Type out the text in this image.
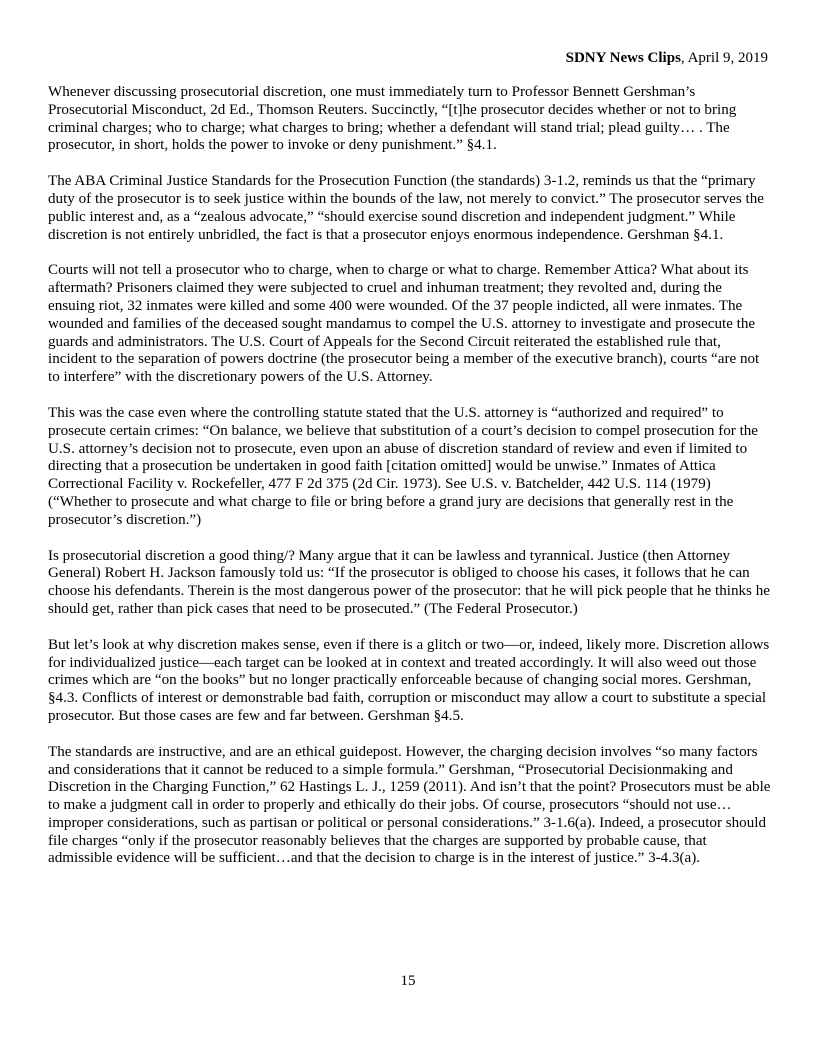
SDNY News Clips, April 9, 2019

Whenever discussing prosecutorial discretion, one must immediately turn to Professor Bennett Gershman’s Prosecutorial Misconduct, 2d Ed., Thomson Reuters. Succinctly, “[t]he prosecutor decides whether or not to bring criminal charges; who to charge; what charges to bring; whether a defendant will stand trial; plead guilty… . The prosecutor, in short, holds the power to invoke or deny punishment.” §4.1.

The ABA Criminal Justice Standards for the Prosecution Function (the standards) 3-1.2, reminds us that the “primary duty of the prosecutor is to seek justice within the bounds of the law, not merely to convict.” The prosecutor serves the public interest and, as a “zealous advocate,” “should exercise sound discretion and independent judgment.” While discretion is not entirely unbridled, the fact is that a prosecutor enjoys enormous independence. Gershman §4.1.

Courts will not tell a prosecutor who to charge, when to charge or what to charge. Remember Attica? What about its aftermath? Prisoners claimed they were subjected to cruel and inhuman treatment; they revolted and, during the ensuing riot, 32 inmates were killed and some 400 were wounded. Of the 37 people indicted, all were inmates. The wounded and families of the deceased sought mandamus to compel the U.S. attorney to investigate and prosecute the guards and administrators. The U.S. Court of Appeals for the Second Circuit reiterated the established rule that, incident to the separation of powers doctrine (the prosecutor being a member of the executive branch), courts “are not to interfere” with the discretionary powers of the U.S. Attorney.

This was the case even where the controlling statute stated that the U.S. attorney is “authorized and required” to prosecute certain crimes: “On balance, we believe that substitution of a court’s decision to compel prosecution for the U.S. attorney’s decision not to prosecute, even upon an abuse of discretion standard of review and even if limited to directing that a prosecution be undertaken in good faith [citation omitted] would be unwise.” Inmates of Attica Correctional Facility v. Rockefeller, 477 F 2d 375 (2d Cir. 1973). See U.S. v. Batchelder, 442 U.S. 114 (1979) (“Whether to prosecute and what charge to file or bring before a grand jury are decisions that generally rest in the prosecutor’s discretion.”)

Is prosecutorial discretion a good thing/? Many argue that it can be lawless and tyrannical. Justice (then Attorney General) Robert H. Jackson famously told us: “If the prosecutor is obliged to choose his cases, it follows that he can choose his defendants. Therein is the most dangerous power of the prosecutor: that he will pick people that he thinks he should get, rather than pick cases that need to be prosecuted.” (The Federal Prosecutor.)

But let’s look at why discretion makes sense, even if there is a glitch or two—or, indeed, likely more. Discretion allows for individualized justice—each target can be looked at in context and treated accordingly. It will also weed out those crimes which are “on the books” but no longer practically enforceable because of changing social mores. Gershman, §4.3. Conflicts of interest or demonstrable bad faith, corruption or misconduct may allow a court to substitute a special prosecutor. But those cases are few and far between. Gershman §4.5.

The standards are instructive, and are an ethical guidepost. However, the charging decision involves “so many factors and considerations that it cannot be reduced to a simple formula.” Gershman, “Prosecutorial Decisionmaking and Discretion in the Charging Function,” 62 Hastings L. J., 1259 (2011). And isn’t that the point? Prosecutors must be able to make a judgment call in order to properly and ethically do their jobs. Of course, prosecutors “should not use…improper considerations, such as partisan or political or personal considerations.” 3-1.6(a). Indeed, a prosecutor should file charges “only if the prosecutor reasonably believes that the charges are supported by probable cause, that admissible evidence will be sufficient…and that the decision to charge is in the interest of justice.” 3-4.3(a).

15
